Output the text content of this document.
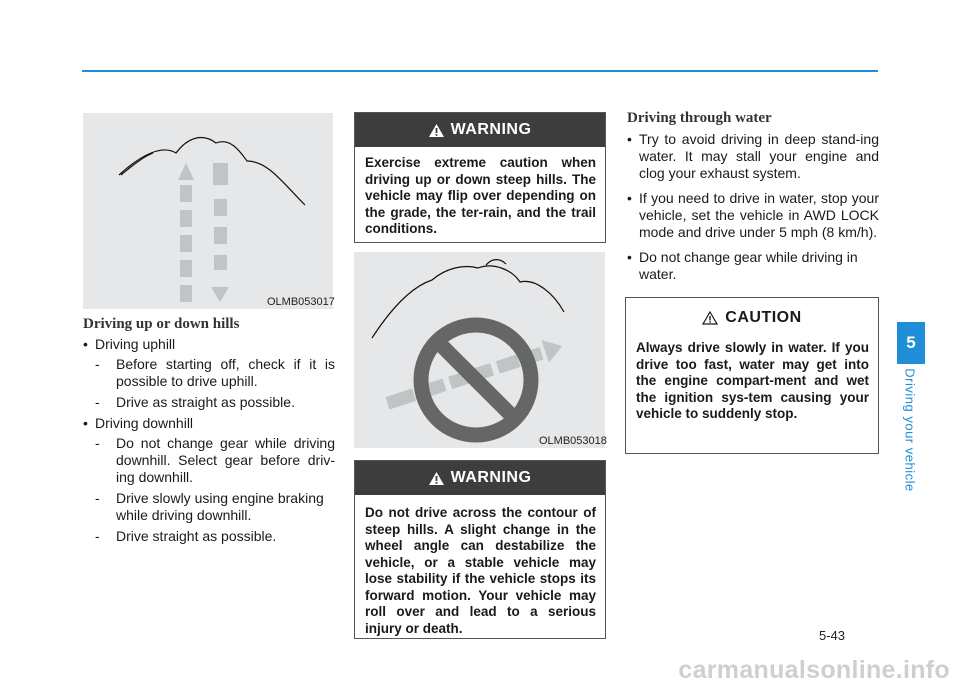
OLMB053017
Driving up or down hills
• Driving uphill
- Before starting off, check if it is possible to drive uphill.
- Drive as straight as possible.
• Driving downhill
- Do not change gear while driving downhill. Select gear before driv-ing downhill.
- Drive slowly using engine braking while driving downhill.
- Drive straight as possible.
WARNING
Exercise extreme caution when driving up or down steep hills. The vehicle may flip over depending on the grade, the ter-rain, and the trail conditions.
OLMB053018
WARNING
Do not drive across the contour of steep hills. A slight change in the wheel angle can destabilize the vehicle, or a stable vehicle may lose stability if the vehicle stops its forward motion. Your vehicle may roll over and lead to a serious injury or death.
Driving through water
• Try to avoid driving in deep stand-ing water. It may stall your engine and clog your exhaust system.
• If you need to drive in water, stop your vehicle, set the vehicle in AWD LOCK mode and drive under 5 mph (8 km/h).
• Do not change gear while driving in water.
CAUTION
Always drive slowly in water. If you drive too fast, water may get into the engine compart-ment and wet the ignition sys-tem causing your vehicle to suddenly stop.
5
Driving your vehicle
5-43
carmanualsonline.info
